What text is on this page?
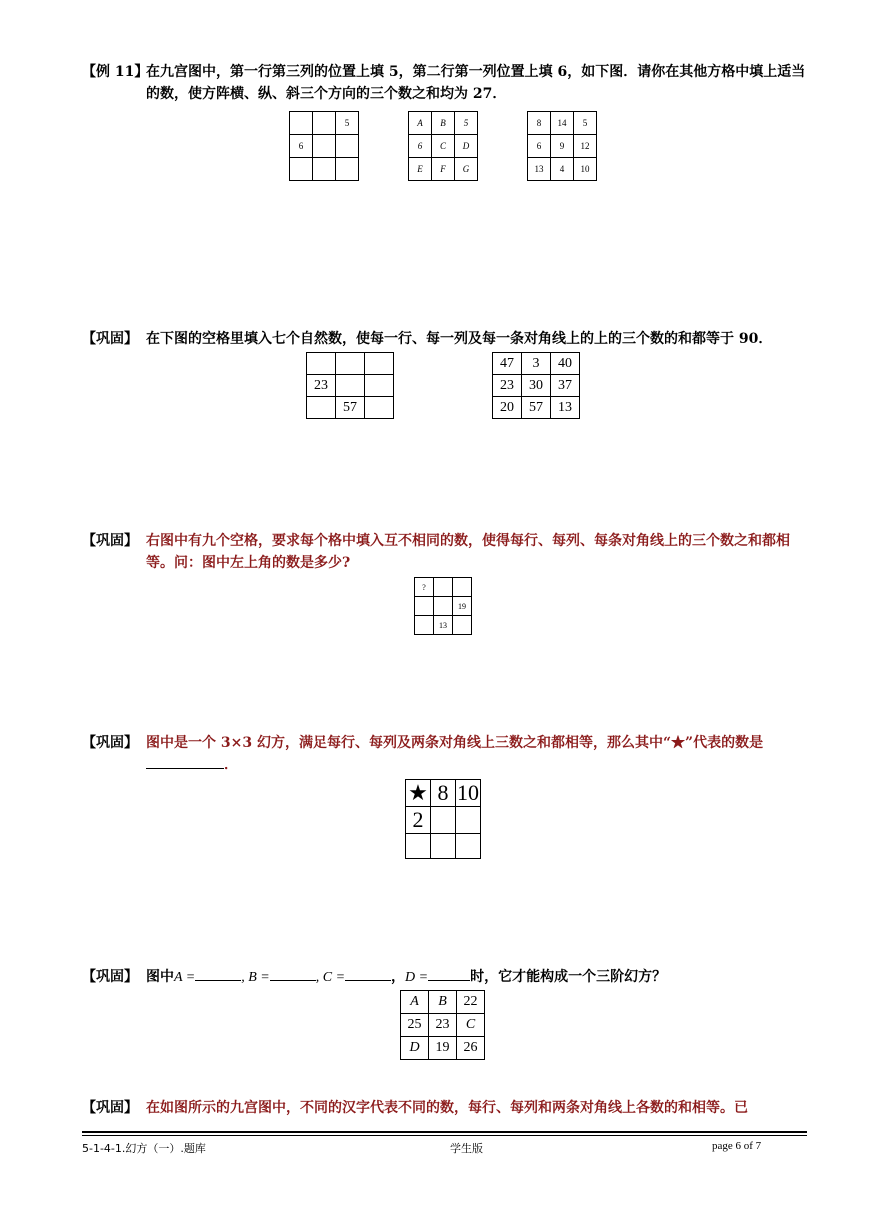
【例 11】
在九宫图中，第一行第三列的位置上填 5，第二行第一列位置上填 6，如下图．请你在其他方格中填上适当的数，使方阵横、纵、斜三个方向的三个数之和均为 27．
		5
6		

A	B	5
6	C	D
E	F	G
8	14	5
6	9	12
13	4	10
【巩固】 在下图的空格里填入七个自然数，使每一行、每一列及每一条对角线上的上的三个数的和都等于 90．

23		
	57	
47	3	40
23	30	37
20	57	13
【巩固】 右图中有九个空格，要求每个格中填入互不相同的数，使得每行、每列、每条对角线上的三个数之和都相等。问：图中左上角的数是多少?
?		
		19
	13	
【巩固】 图中是一个 3×3 幻方，满足每行、每列及两条对角线上三数之和都相等，那么其中“★”代表的数是
．
★	8	10
2		

【巩固】 图中A =	, B =	, C =	，D =	时，它才能构成一个三阶幻方？
A	B	22
25	23	C
D	19	26
【巩固】 在如图所示的九宫图中，不同的汉字代表不同的数，每行、每列和两条对角线上各数的和相等。已
5-1-4-1.幻方（一）.题库	学生版	page 6 of 7
